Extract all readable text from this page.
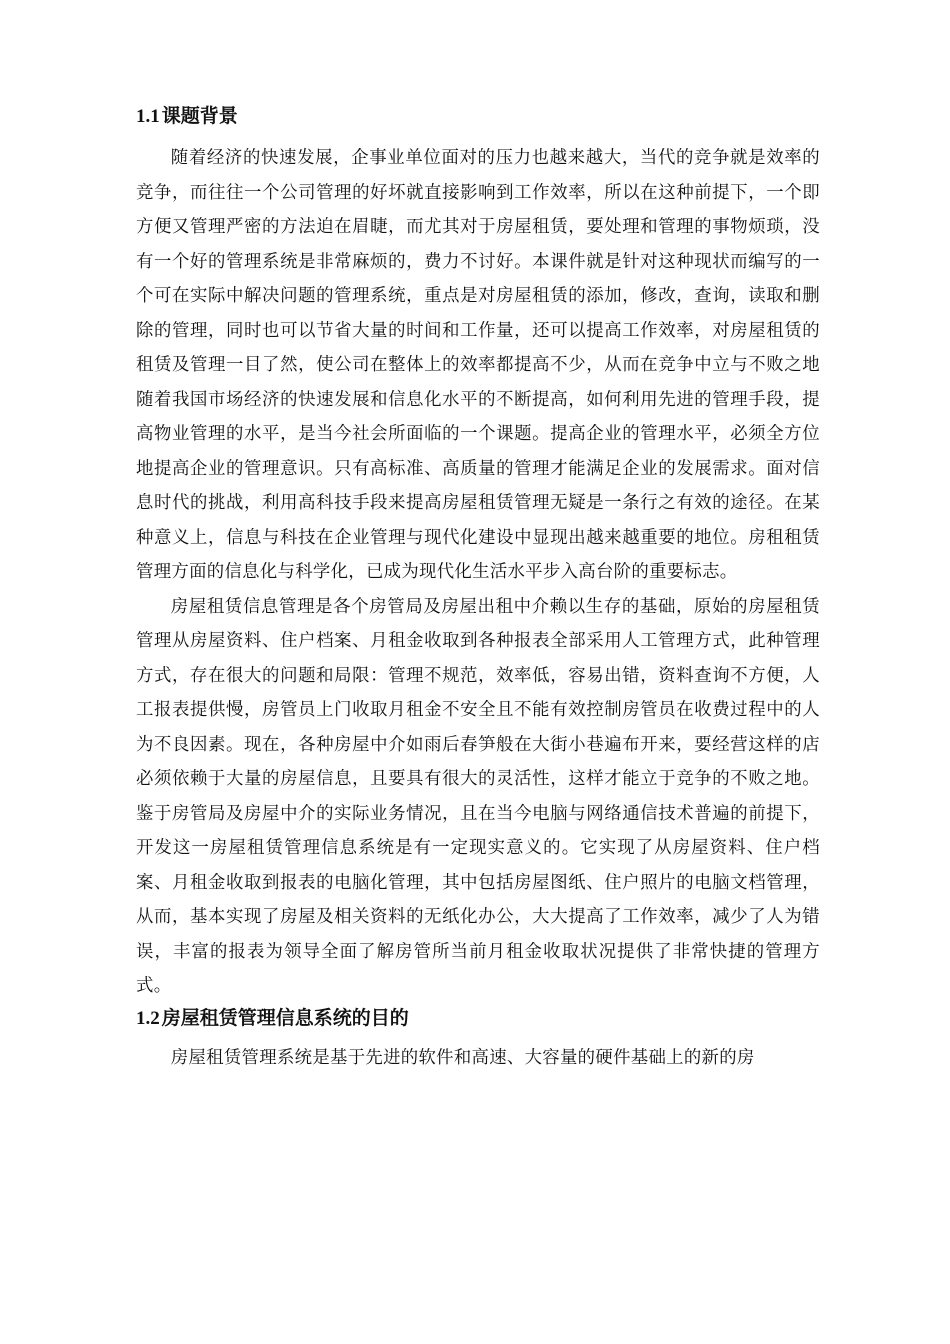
1.1 课题背景

随着经济的快速发展，企事业单位面对的压力也越来越大，当代的竞争就是效率的竞争，而往往一个公司管理的好坏就直接影响到工作效率，所以在这种前提下，一个即方便又管理严密的方法迫在眉睫，而尤其对于房屋租赁，要处理和管理的事物烦琐，没有一个好的管理系统是非常麻烦的，费力不讨好。本课件就是针对这种现状而编写的一个可在实际中解决问题的管理系统，重点是对房屋租赁的添加，修改，查询，读取和删除的管理，同时也可以节省大量的时间和工作量，还可以提高工作效率，对房屋租赁的租赁及管理一目了然，使公司在整体上的效率都提高不少，从而在竞争中立与不败之地随着我国市场经济的快速发展和信息化水平的不断提高，如何利用先进的管理手段，提高物业管理的水平，是当今社会所面临的一个课题。提高企业的管理水平，必须全方位地提高企业的管理意识。只有高标准、高质量的管理才能满足企业的发展需求。面对信息时代的挑战，利用高科技手段来提高房屋租赁管理无疑是一条行之有效的途径。在某种意义上，信息与科技在企业管理与现代化建设中显现出越来越重要的地位。房租租赁管理方面的信息化与科学化，已成为现代化生活水平步入高台阶的重要标志。

房屋租赁信息管理是各个房管局及房屋出租中介赖以生存的基础，原始的房屋租赁管理从房屋资料、住户档案、月租金收取到各种报表全部采用人工管理方式，此种管理方式，存在很大的问题和局限：管理不规范，效率低，容易出错，资料查询不方便，人工报表提供慢，房管员上门收取月租金不安全且不能有效控制房管员在收费过程中的人为不良因素。现在，各种房屋中介如雨后春笋般在大街小巷遍布开来，要经营这样的店必须依赖于大量的房屋信息，且要具有很大的灵活性，这样才能立于竞争的不败之地。鉴于房管局及房屋中介的实际业务情况，且在当今电脑与网络通信技术普遍的前提下，开发这一房屋租赁管理信息系统是有一定现实意义的。它实现了从房屋资料、住户档案、月租金收取到报表的电脑化管理，其中包括房屋图纸、住户照片的电脑文档管理，从而，基本实现了房屋及相关资料的无纸化办公，大大提高了工作效率，减少了人为错误，丰富的报表为领导全面了解房管所当前月租金收取状况提供了非常快捷的管理方式。

1.2 房屋租赁管理信息系统的目的

房屋租赁管理系统是基于先进的软件和高速、大容量的硬件基础上的新的房
